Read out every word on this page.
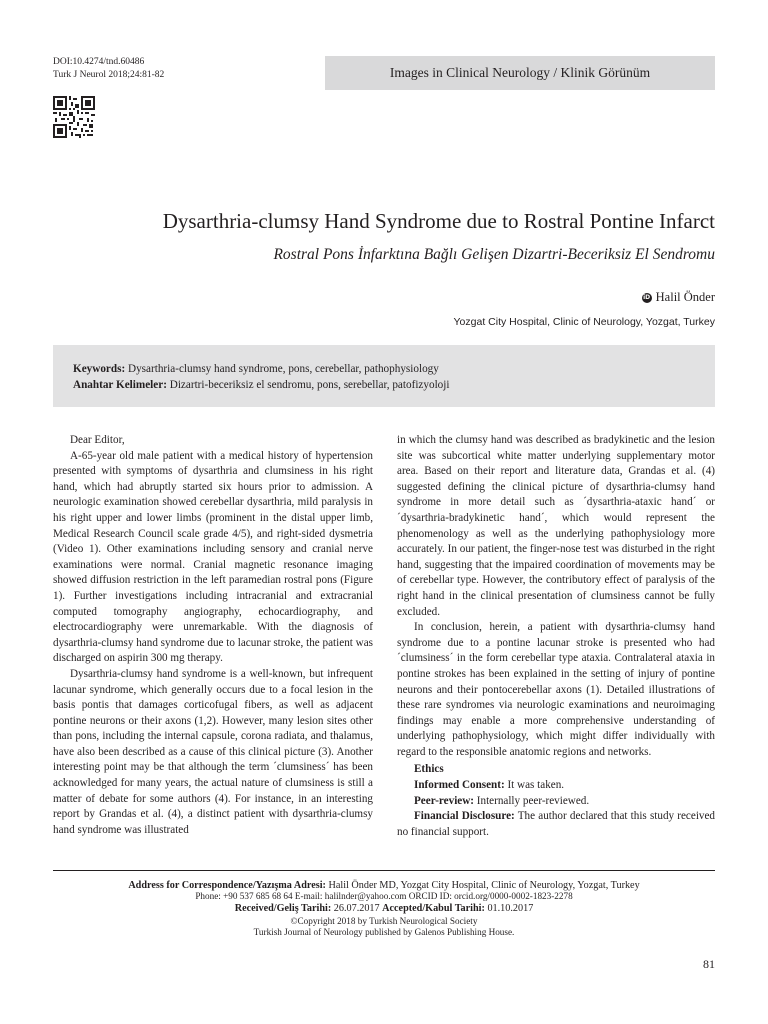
DOI:10.4274/tnd.60486
Turk J Neurol 2018;24:81-82	Images in Clinical Neurology / Klinik Görünüm
Dysarthria-clumsy Hand Syndrome due to Rostral Pontine Infarct
Rostral Pons İnfarktına Bağlı Gelişen Dizartri-Beceriksiz El Sendromu
iD Halil Önder
Yozgat City Hospital, Clinic of Neurology, Yozgat, Turkey
Keywords: Dysarthria-clumsy hand syndrome, pons, cerebellar, pathophysiology
Anahtar Kelimeler: Dizartri-beceriksiz el sendromu, pons, serebellar, patofizyoloji

Dear Editor,

A-65-year old male patient with a medical history of hypertension presented with symptoms of dysarthria and clumsiness in his right hand, which had abruptly started six hours prior to admission. A neurologic examination showed cerebellar dysarthria, mild paralysis in his right upper and lower limbs (prominent in the distal upper limb, Medical Research Council scale grade 4/5), and right-sided dysmetria (Video 1). Other examinations including sensory and cranial nerve examinations were normal. Cranial magnetic resonance imaging showed diffusion restriction in the left paramedian rostral pons (Figure 1). Further investigations including intracranial and extracranial computed tomography angiography, echocardiography, and electrocardiography were unremarkable. With the diagnosis of dysarthria-clumsy hand syndrome due to lacunar stroke, the patient was discharged on aspirin 300 mg therapy.

Dysarthria-clumsy hand syndrome is a well-known, but infrequent lacunar syndrome, which generally occurs due to a focal lesion in the basis pontis that damages corticofugal fibers, as well as adjacent pontine neurons or their axons (1,2). However, many lesion sites other than pons, including the internal capsule, corona radiata, and thalamus, have also been described as a cause of this clinical picture (3). Another interesting point may be that although the term ´clumsiness´ has been acknowledged for many years, the actual nature of clumsiness is still a matter of debate for some authors (4). For instance, in an interesting report by Grandas et al. (4), a distinct patient with dysarthria-clumsy hand syndrome was illustrated

in which the clumsy hand was described as bradykinetic and the lesion site was subcortical white matter underlying supplementary motor area. Based on their report and literature data, Grandas et al. (4) suggested defining the clinical picture of dysarthria-clumsy hand syndrome in more detail such as ´dysarthria-ataxic hand´ or ´dysarthria-bradykinetic hand´, which would represent the phenomenology as well as the underlying pathophysiology more accurately. In our patient, the finger-nose test was disturbed in the right hand, suggesting that the impaired coordination of movements may be of cerebellar type. However, the contributory effect of paralysis of the right hand in the clinical presentation of clumsiness cannot be fully excluded.

In conclusion, herein, a patient with dysarthria-clumsy hand syndrome due to a pontine lacunar stroke is presented who had ´clumsiness´ in the form cerebellar type ataxia. Contralateral ataxia in pontine strokes has been explained in the setting of injury of pontine neurons and their pontocerebellar axons (1). Detailed illustrations of these rare syndromes via neurologic examinations and neuroimaging findings may enable a more comprehensive understanding of underlying pathophysiology, which might differ individually with regard to the responsible anatomic regions and networks.

Ethics

Informed Consent: It was taken.

Peer-review: Internally peer-reviewed.

Financial Disclosure: The author declared that this study received no financial support.

Address for Correspondence/Yazışma Adresi: Halil Önder MD, Yozgat City Hospital, Clinic of Neurology, Yozgat, Turkey
Phone: +90 537 685 68 64 E-mail: halilnder@yahoo.com ORCID ID: orcid.org/0000-0002-1823-2278
Received/Geliş Tarihi: 26.07.2017 Accepted/Kabul Tarihi: 01.10.2017
©Copyright 2018 by Turkish Neurological Society
Turkish Journal of Neurology published by Galenos Publishing House.
81
